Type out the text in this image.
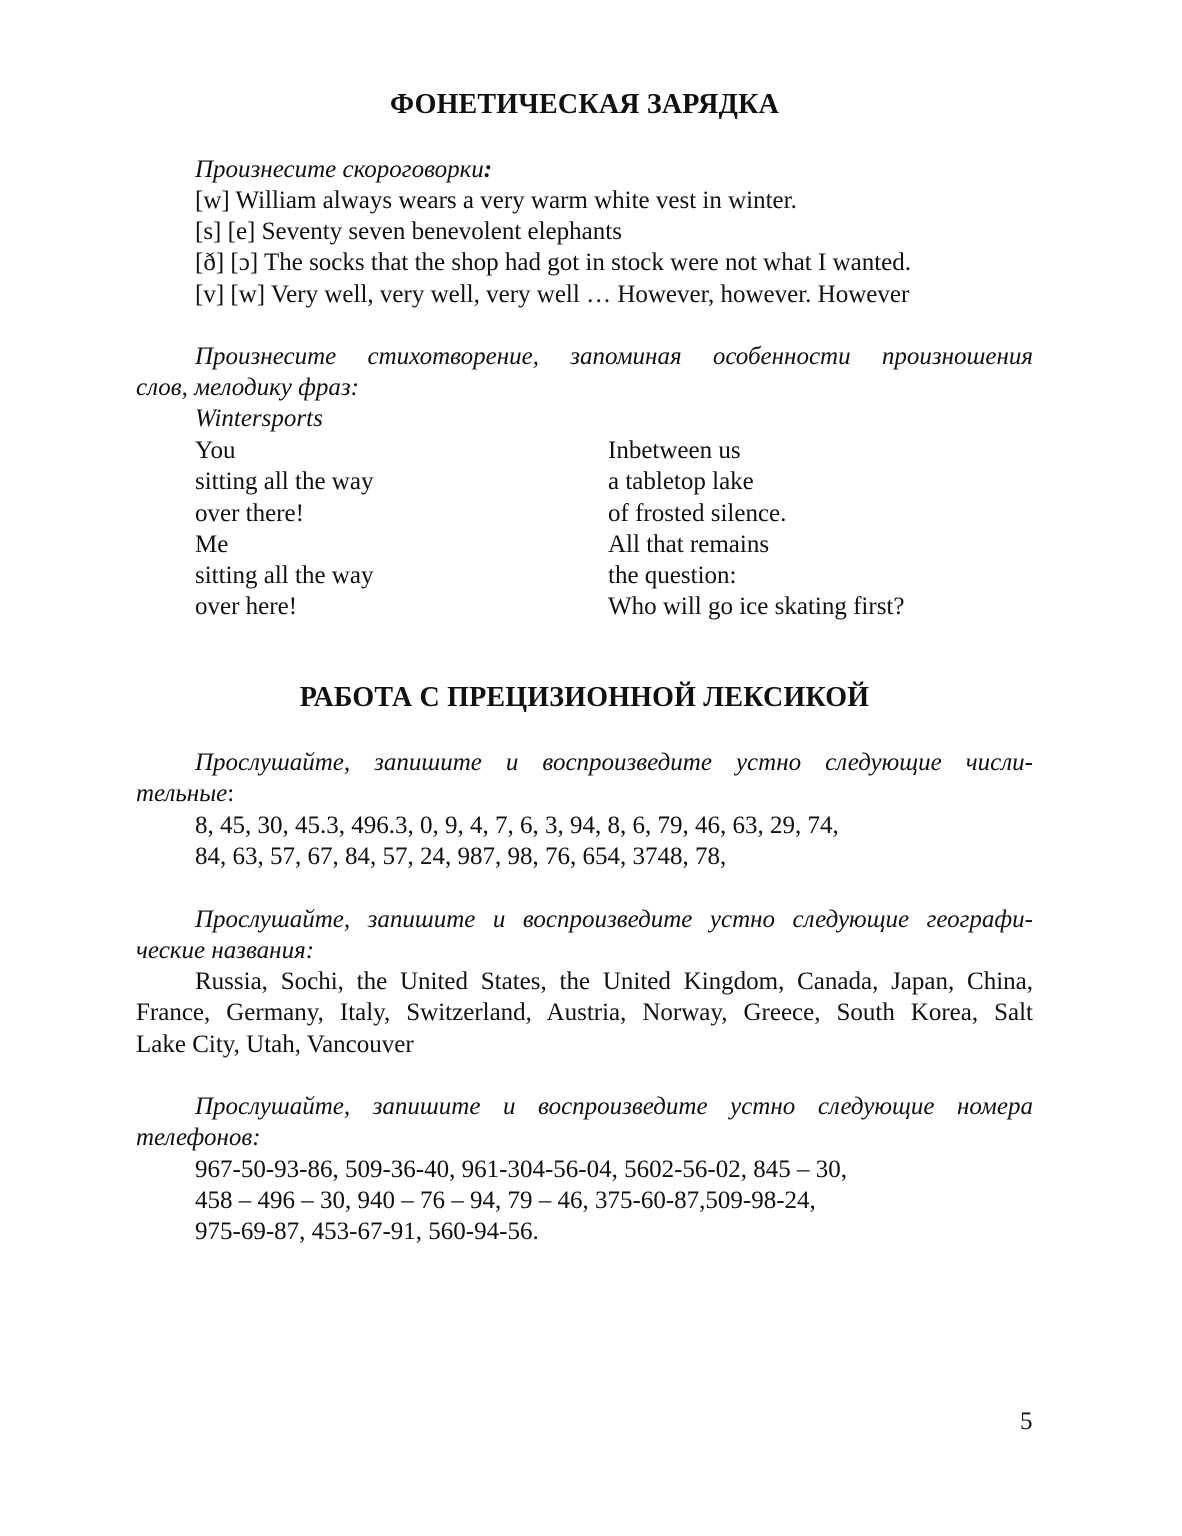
ФОНЕТИЧЕСКАЯ ЗАРЯДКА
Произнесите скороговорки:
[w] William always wears a very warm white vest in winter.
[s] [e] Seventy seven benevolent elephants
[ð] [ɔ] The socks that the shop had got in stock were not what I wanted.
[v] [w] Very well, very well, very well … However, however. However
Произнесите стихотворение, запоминая особенности произношения
слов, мелодику фраз:
Wintersports
You
sitting all the way
over there!
Me
sitting all the way
over here!
Inbetween us
a tabletop lake
of frosted silence.
All that remains
the question:
Who will go ice skating first?
РАБОТА С ПРЕЦИЗИОННОЙ ЛЕКСИКОЙ
Прослушайте, запишите и воспроизведите устно следующие числи-
тельные:
8, 45, 30, 45.3, 496.3, 0, 9, 4, 7, 6, 3, 94, 8, 6, 79, 46, 63, 29, 74,
84, 63, 57, 67, 84, 57, 24, 987, 98, 76, 654, 3748, 78,
Прослушайте, запишите и воспроизведите устно следующие географи-
ческие названия:
Russia, Sochi, the United States, the United Kingdom, Canada, Japan, China,
France, Germany, Italy, Switzerland, Austria, Norway, Greece, South Korea, Salt
Lake City, Utah, Vancouver
Прослушайте, запишите и воспроизведите устно следующие номера
телефонов:
967-50-93-86, 509-36-40, 961-304-56-04, 5602-56-02, 845 – 30,
458 – 496 – 30, 940 – 76 – 94, 79 – 46, 375-60-87,509-98-24,
975-69-87, 453-67-91, 560-94-56.
5
